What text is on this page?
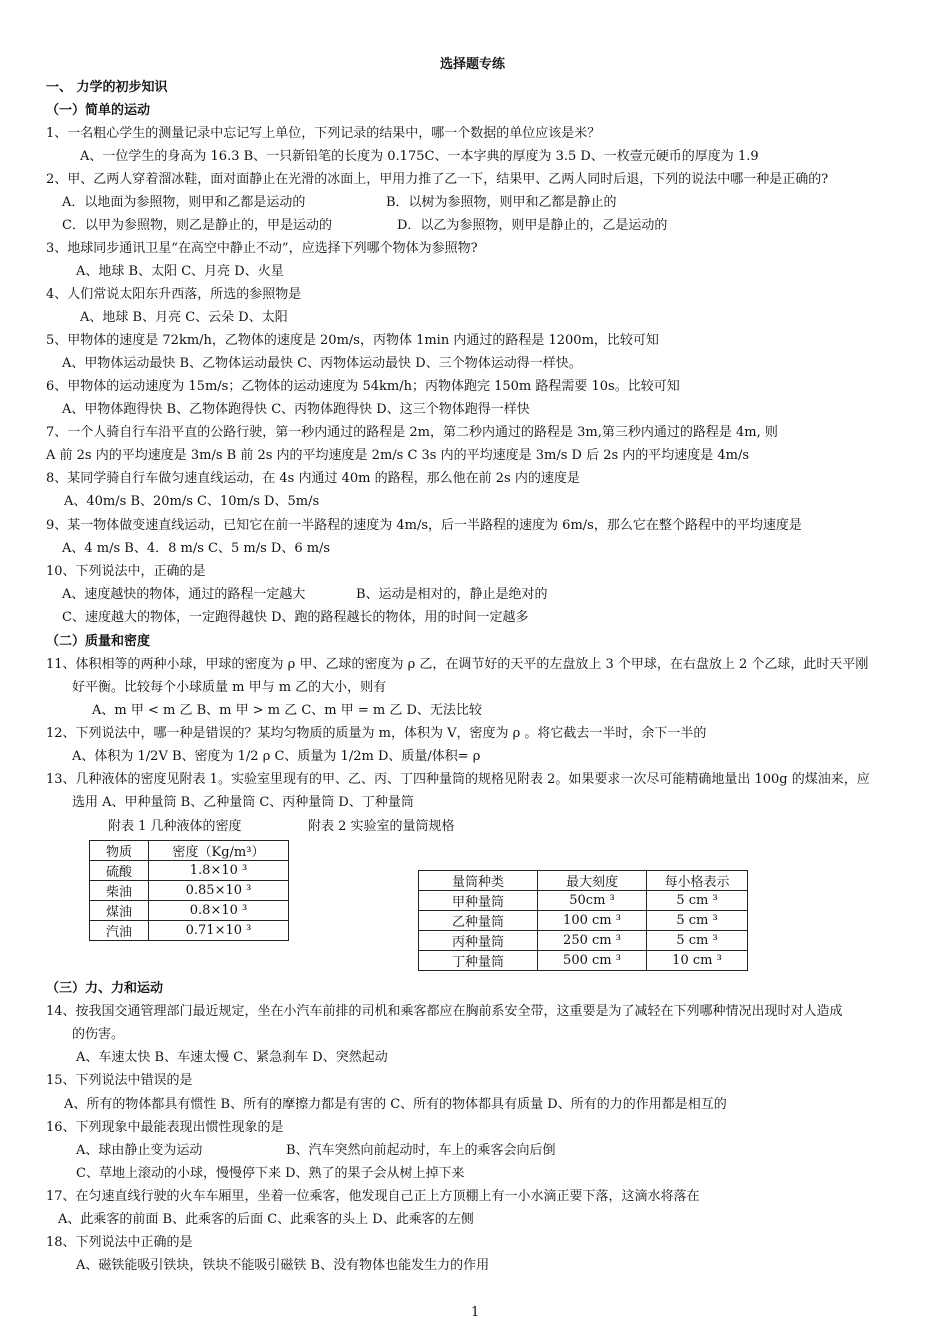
选择题专练
一、 力学的初步知识
（一）简单的运动
1、一名粗心学生的测量记录中忘记写上单位，下列记录的结果中，哪一个数据的单位应该是米？
A、一位学生的身高为 16.3 B、一只新铅笔的长度为 0.175C、一本字典的厚度为 3.5 D、一枚壹元硬币的厚度为 1.9
2、甲、乙两人穿着溜冰鞋，面对面静止在光滑的冰面上，甲用力推了乙一下，结果甲、乙两人同时后退，下列的说法中哪一种是正确的?
A．以地面为参照物，则甲和乙都是运动的	B．以树为参照物，则甲和乙都是静止的
C．以甲为参照物，则乙是静止的，甲是运动的	D．以乙为参照物，则甲是静止的，乙是运动的
3、地球同步通讯卫星“在高空中静止不动”，应选择下列哪个物体为参照物?
A、地球 B、太阳 C、月亮 D、火星
4、人们常说太阳东升西落，所选的参照物是
A、地球 B、月亮 C、云朵 D、太阳
5、甲物体的速度是 72km/h，乙物体的速度是 20m/s，丙物体 1min 内通过的路程是 1200m，比较可知
A、甲物体运动最快 B、乙物体运动最快 C、丙物体运动最快 D、三个物体运动得一样快。
6、甲物体的运动速度为 15m/s；乙物体的运动速度为 54km/h；丙物体跑完 150m 路程需要 10s。比较可知
A、甲物体跑得快 B、乙物体跑得快 C、丙物体跑得快 D、这三个物体跑得一样快
7、一个人骑自行车沿平直的公路行驶，第一秒内通过的路程是 2m，第二秒内通过的路程是 3m,第三秒内通过的路程是 4m, 则
A 前 2s 内的平均速度是 3m/s B 前 2s 内的平均速度是 2m/s C 3s 内的平均速度是 3m/s D 后 2s 内的平均速度是 4m/s
8、某同学骑自行车做匀速直线运动，在 4s 内通过 40m 的路程，那么他在前 2s 内的速度是
A、40m/s B、20m/s C、10m/s D、5m/s
9、某一物体做变速直线运动，已知它在前一半路程的速度为 4m/s，后一半路程的速度为 6m/s，那么它在整个路程中的平均速度是
A、4 m/s B、4．8 m/s C、5 m/s D、6 m/s
10、下列说法中，正确的是
A、速度越快的物体，通过的路程一定越大	B、运动是相对的，静止是绝对的
C、速度越大的物体，一定跑得越快 D、跑的路程越长的物体，用的时间一定越多
（二）质量和密度
11、体积相等的两种小球，甲球的密度为 ρ 甲、乙球的密度为 ρ 乙，在调节好的天平的左盘放上 3 个甲球，在右盘放上 2 个乙球，此时天平刚
好平衡。比较每个小球质量 m 甲与 m 乙的大小，则有
A、m 甲 < m 乙 B、m 甲 > m 乙 C、m 甲 = m 乙 D、无法比较
12、下列说法中，哪一种是错误的？某均匀物质的质量为 m，体积为 V，密度为 ρ 。将它截去一半时，余下一半的
A、体积为 1/2V B、密度为 1/2 ρ C、质量为 1/2m D、质量/体积= ρ
13、几种液体的密度见附表 1。实验室里现有的甲、乙、丙、丁四种量筒的规格见附表 2。如果要求一次尽可能精确地量出 100g 的煤油来，应
选用 A、甲种量筒 B、乙种量筒 C、丙种量筒 D、丁种量筒
附表 1 几种液体的密度	附表 2 实验室的量筒规格
物质	密度（Kg/m³）
硫酸	1.8×10 ³
柴油	0.85×10 ³
煤油	0.8×10 ³
汽油	0.71×10 ³
量筒种类	最大刻度	每小格表示
甲种量筒	50cm ³	5 cm ³
乙种量筒	100 cm ³	5 cm ³
丙种量筒	250 cm ³	5 cm ³
丁种量筒	500 cm ³	10 cm ³
（三）力、力和运动
14、按我国交通管理部门最近规定，坐在小汽车前排的司机和乘客都应在胸前系安全带，这重要是为了减轻在下列哪种情况出现时对人造成
的伤害。
A、车速太快 B、车速太慢 C、紧急刹车 D、突然起动
15、下列说法中错误的是
A、所有的物体都具有惯性 B、所有的摩擦力都是有害的 C、所有的物体都具有质量 D、所有的力的作用都是相互的
16、下列现象中最能表现出惯性现象的是
A、球由静止变为运动	B、汽车突然向前起动时，车上的乘客会向后倒
C、草地上滚动的小球，慢慢停下来 D、熟了的果子会从树上掉下来
17、在匀速直线行驶的火车车厢里，坐着一位乘客，他发现自己正上方顶棚上有一小水滴正要下落，这滴水将落在
A、此乘客的前面 B、此乘客的后面 C、此乘客的头上 D、此乘客的左侧
18、下列说法中正确的是
A、磁铁能吸引铁块，铁块不能吸引磁铁 B、没有物体也能发生力的作用
1
